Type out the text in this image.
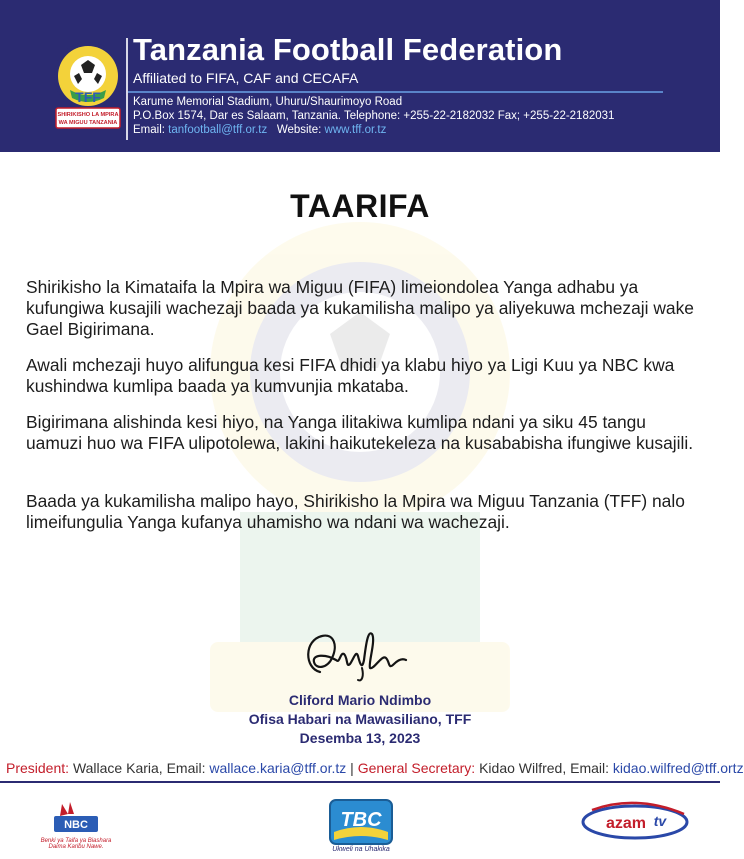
TFF
SHIRIKISHO LA MPIRA
WA MIGUU TANZANIA
Tanzania Football Federation
Affiliated to FIFA, CAF and CECAFA
Karume Memorial Stadium, Uhuru/Shaurimoyo Road
P.O.Box 1574, Dar es Salaam, Tanzania. Telephone: +255-22-2182032 Fax; +255-22-2182031
Email: tanfootball@tff.or.tz Website: www.tff.or.tz
TAARIFA

Shirikisho la Kimataifa la Mpira wa Miguu (FIFA) limeiondolea Yanga adhabu ya kufungiwa kusajili wachezaji baada ya kukamilisha malipo ya aliyekuwa mchezaji wake Gael Bigirimana.

Awali mchezaji huyo alifungua kesi FIFA dhidi ya klabu hiyo ya Ligi Kuu ya NBC kwa kushindwa kumlipa baada ya kumvunjia mkataba.

Bigirimana alishinda kesi hiyo, na Yanga ilitakiwa kumlipa ndani ya siku 45 tangu uamuzi huo wa FIFA ulipotolewa, lakini haikutekeleza na kusababisha ifungiwe kusajili.

Baada ya kukamilisha malipo hayo, Shirikisho la Mpira wa Miguu Tanzania (TFF) nalo limeifungulia Yanga kufanya uhamisho wa ndani wa wachezaji.

Cliford Mario Ndimbo
Ofisa Habari na Mawasiliano, TFF
Desemba 13, 2023
President: Wallace Karia, Email: wallace.karia@tff.or.tz | General Secretary: Kidao Wilfred, Email: kidao.wilfred@tff.ortz
NBC
Benki ya Taifa ya Biashara
Daima Karibu Nawe.
TBC
Ukweli na Uhakika
azam tv
